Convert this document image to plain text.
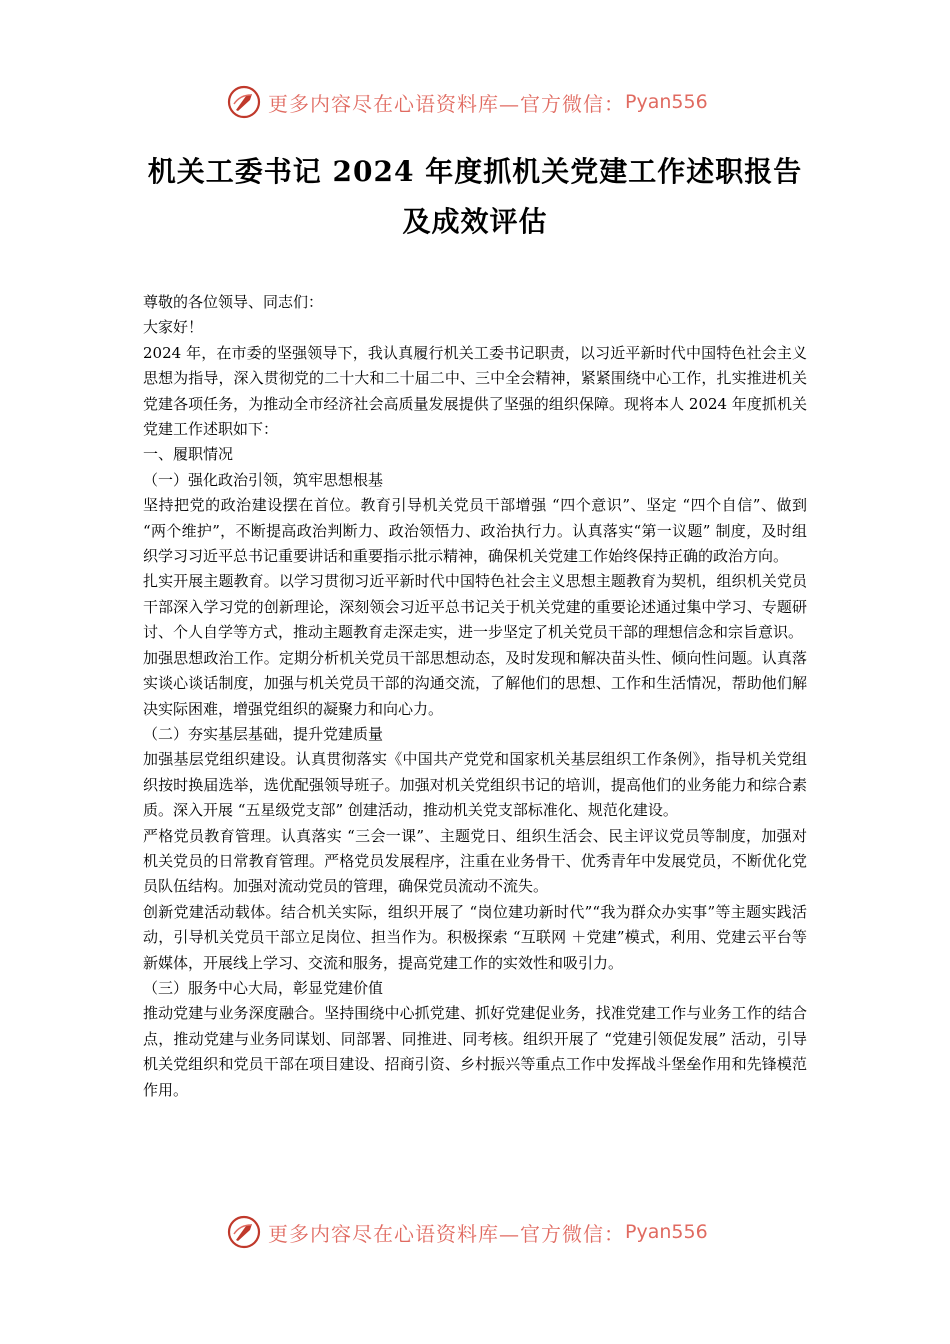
更多内容尽在心语资料库—官方微信： Pyan556
机关工委书记 2024 年度抓机关党建工作述职报告
及成效评估

尊敬的各位领导、同志们：

大家好！

2024 年，在市委的坚强领导下，我认真履行机关工委书记职责，以习近平新时代中国特色社会主义思想为指导，深入贯彻党的二十大和二十届二中、三中全会精神，紧紧围绕中心工作，扎实推进机关党建各项任务，为推动全市经济社会高质量发展提供了坚强的组织保障。现将本人 2024 年度抓机关党建工作述职如下：

一、履职情况

（一）强化政治引领，筑牢思想根基

坚持把党的政治建设摆在首位。教育引导机关党员干部增强 “四个意识”、坚定 “四个自信”、做到 “两个维护”，不断提高政治判断力、政治领悟力、政治执行力。认真落实“第一议题” 制度，及时组织学习习近平总书记重要讲话和重要指示批示精神，确保机关党建工作始终保持正确的政治方向。

扎实开展主题教育。以学习贯彻习近平新时代中国特色社会主义思想主题教育为契机，组织机关党员干部深入学习党的创新理论，深刻领会习近平总书记关于机关党建的重要论述通过集中学习、专题研讨、个人自学等方式，推动主题教育走深走实，进一步坚定了机关党员干部的理想信念和宗旨意识。

加强思想政治工作。定期分析机关党员干部思想动态，及时发现和解决苗头性、倾向性问题。认真落实谈心谈话制度，加强与机关党员干部的沟通交流，了解他们的思想、工作和生活情况，帮助他们解决实际困难，增强党组织的凝聚力和向心力。

（二）夯实基层基础，提升党建质量

加强基层党组织建设。认真贯彻落实《中国共产党党和国家机关基层组织工作条例》，指导机关党组织按时换届选举，选优配强领导班子。加强对机关党组织书记的培训，提高他们的业务能力和综合素质。深入开展 “五星级党支部” 创建活动，推动机关党支部标准化、规范化建设。

严格党员教育管理。认真落实 “三会一课”、主题党日、组织生活会、民主评议党员等制度，加强对机关党员的日常教育管理。严格党员发展程序，注重在业务骨干、优秀青年中发展党员，不断优化党员队伍结构。加强对流动党员的管理，确保党员流动不流失。

创新党建活动载体。结合机关实际，组织开展了 “岗位建功新时代”“我为群众办实事”等主题实践活动，引导机关党员干部立足岗位、担当作为。积极探索 “互联网 ＋党建”模式，利用、党建云平台等新媒体，开展线上学习、交流和服务，提高党建工作的实效性和吸引力。

（三）服务中心大局，彰显党建价值

推动党建与业务深度融合。坚持围绕中心抓党建、抓好党建促业务，找准党建工作与业务工作的结合点，推动党建与业务同谋划、同部署、同推进、同考核。组织开展了 “党建引领促发展” 活动，引导机关党组织和党员干部在项目建设、招商引资、乡村振兴等重点工作中发挥战斗堡垒作用和先锋模范作用。

更多内容尽在心语资料库—官方微信： Pyan556
